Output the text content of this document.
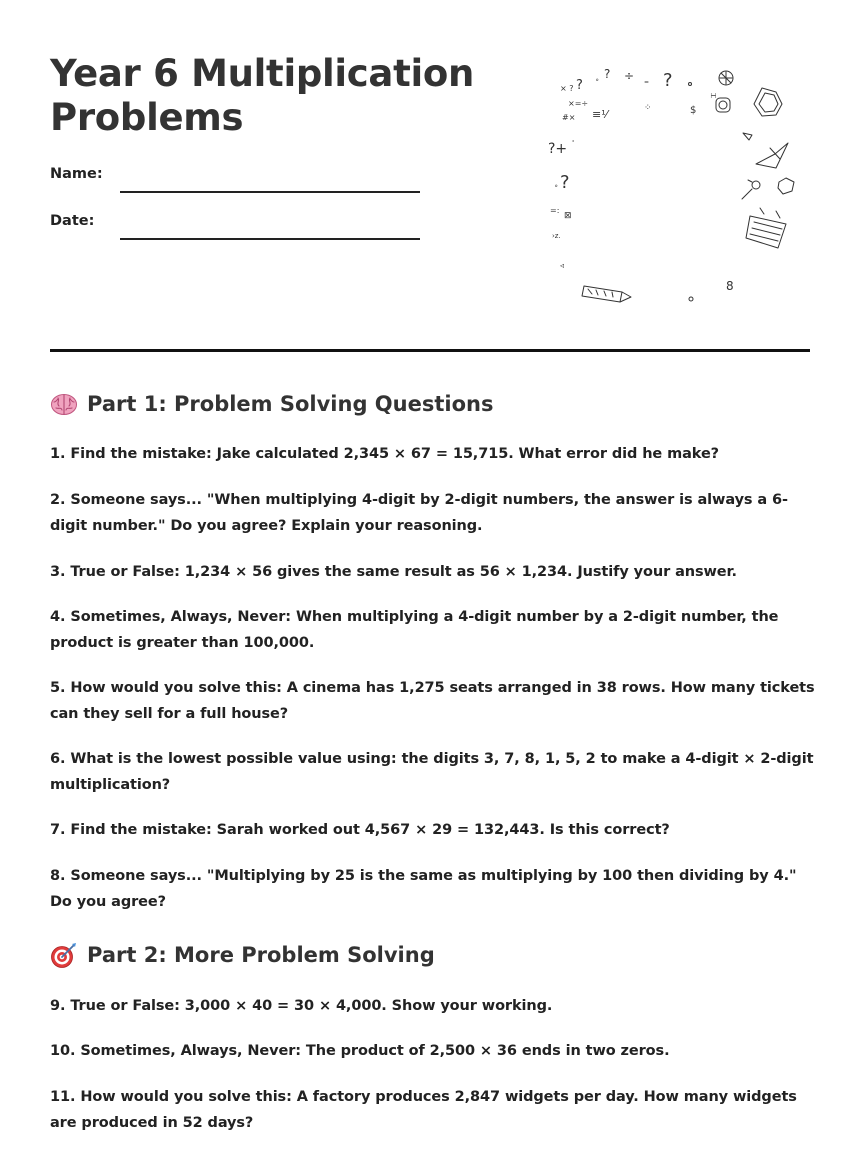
Year 6 Multiplication
Problems
Name:
Date:
× ? ? ∘ ? ÷ = ?
×=÷
#× ≡⅟	⁘	$
∺
?+ °
∘ ?
=:
⊠
›z.
◃
8
Part 1: Problem Solving Questions

1. Find the mistake: Jake calculated 2,345 × 67 = 15,715. What error did he make?

2. Someone says... "When multiplying 4-digit by 2-digit numbers, the answer is always a 6-digit number." Do you agree? Explain your reasoning.

3. True or False: 1,234 × 56 gives the same result as 56 × 1,234. Justify your answer.

4. Sometimes, Always, Never: When multiplying a 4-digit number by a 2-digit number, the product is greater than 100,000.

5. How would you solve this: A cinema has 1,275 seats arranged in 38 rows. How many tickets can they sell for a full house?

6. What is the lowest possible value using: the digits 3, 7, 8, 1, 5, 2 to make a 4-digit × 2-digit multiplication?

7. Find the mistake: Sarah worked out 4,567 × 29 = 132,443. Is this correct?

8. Someone says... "Multiplying by 25 is the same as multiplying by 100 then dividing by 4." Do you agree?

Part 2: More Problem Solving

9. True or False: 3,000 × 40 = 30 × 4,000. Show your working.

10. Sometimes, Always, Never: The product of 2,500 × 36 ends in two zeros.

11. How would you solve this: A factory produces 2,847 widgets per day. How many widgets are produced in 52 days?
